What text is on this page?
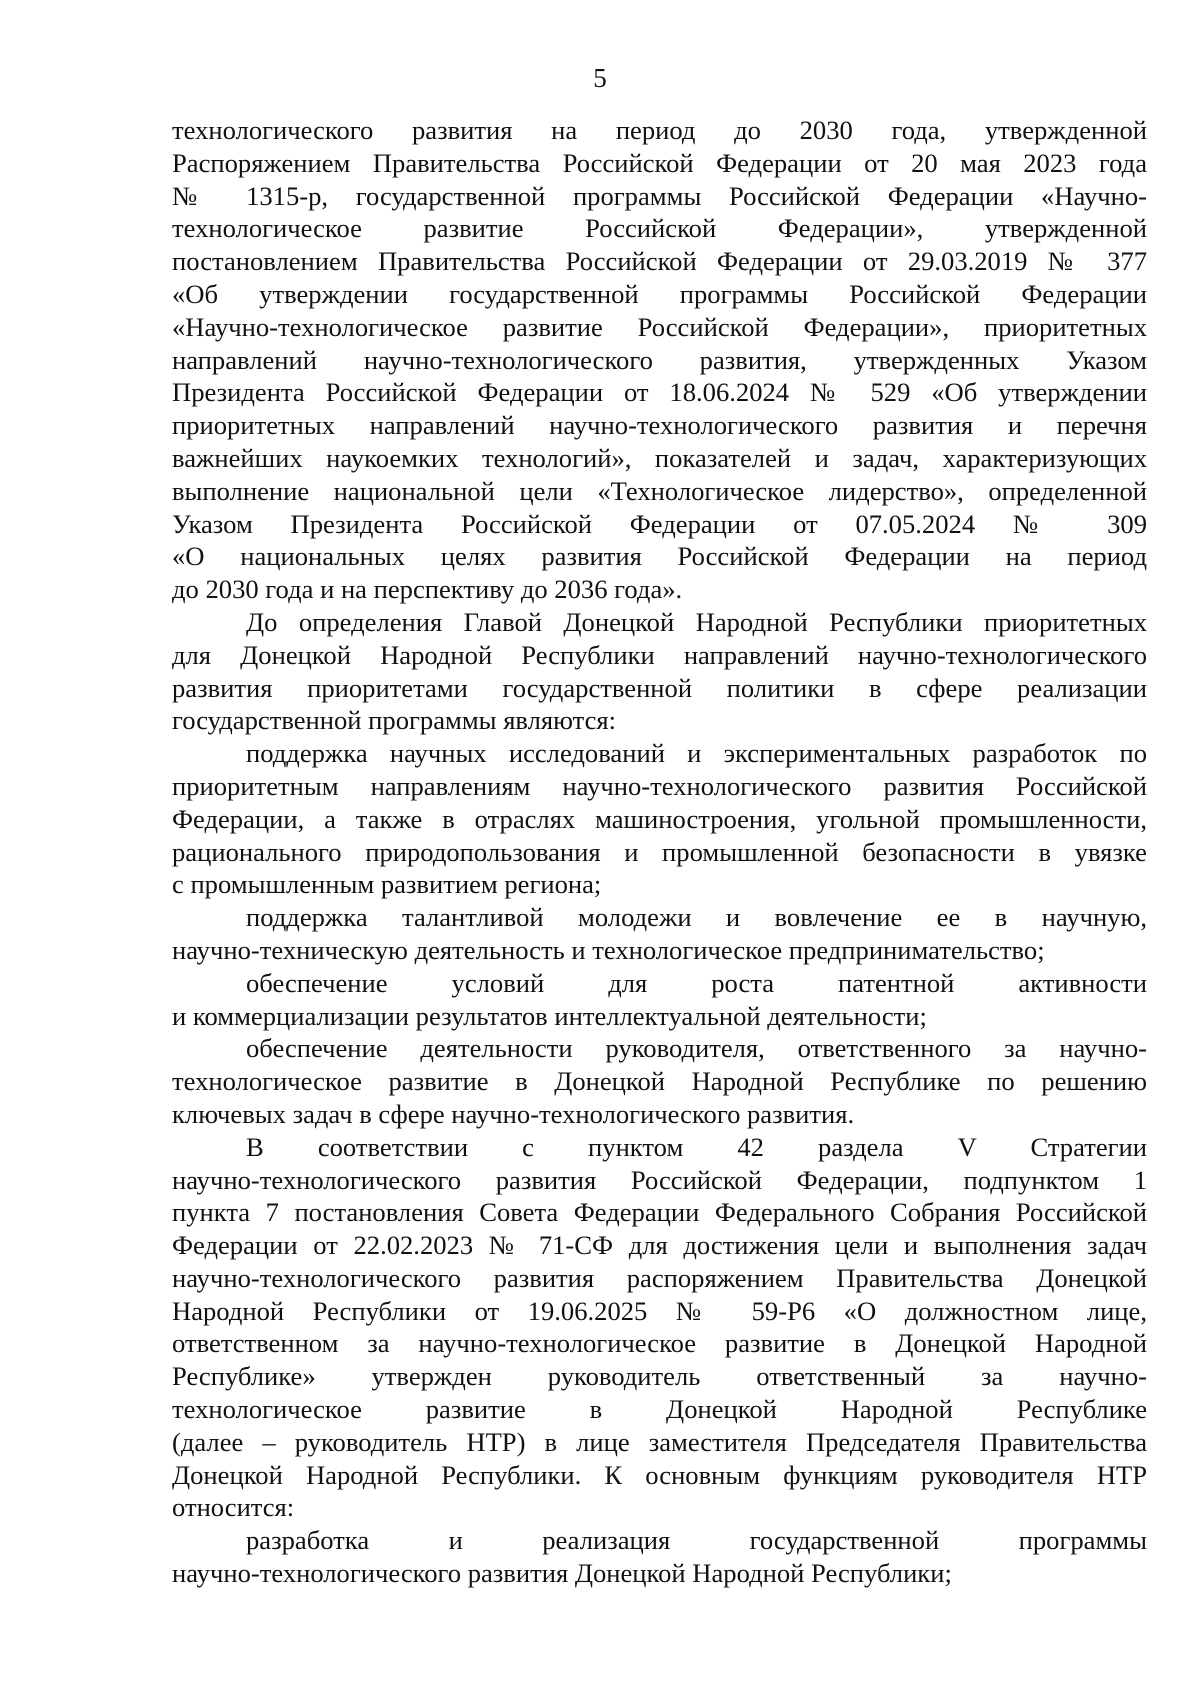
5
технологического развития на период до 2030 года, утвержденной
Распоряжением Правительства Российской Федерации от 20 мая 2023 года
№ 1315-р, государственной программы Российской Федерации «Научно-
технологическое развитие Российской Федерации», утвержденной
постановлением Правительства Российской Федерации от 29.03.2019 № 377
«Об утверждении государственной программы Российской Федерации
«Научно-технологическое развитие Российской Федерации», приоритетных
направлений научно-технологического развития, утвержденных Указом
Президента Российской Федерации от 18.06.2024 № 529 «Об утверждении
приоритетных направлений научно-технологического развития и перечня
важнейших наукоемких технологий», показателей и задач, характеризующих
выполнение национальной цели «Технологическое лидерство», определенной
Указом Президента Российской Федерации от 07.05.2024 № 309
«О национальных целях развития Российской Федерации на период
до 2030 года и на перспективу до 2036 года».
До определения Главой Донецкой Народной Республики приоритетных
для Донецкой Народной Республики направлений научно-технологического
развития приоритетами государственной политики в сфере реализации
государственной программы являются:
поддержка научных исследований и экспериментальных разработок по
приоритетным направлениям научно-технологического развития Российской
Федерации, а также в отраслях машиностроения, угольной промышленности,
рационального природопользования и промышленной безопасности в увязке
с промышленным развитием региона;
поддержка талантливой молодежи и вовлечение ее в научную,
научно-техническую деятельность и технологическое предпринимательство;
обеспечение условий для роста патентной активности
и коммерциализации результатов интеллектуальной деятельности;
обеспечение деятельности руководителя, ответственного за научно-
технологическое развитие в Донецкой Народной Республике по решению
ключевых задач в сфере научно-технологического развития.
В соответствии с пунктом 42 раздела V Стратегии
научно-технологического развития Российской Федерации, подпунктом 1
пункта 7 постановления Совета Федерации Федерального Собрания Российской
Федерации от 22.02.2023 № 71-СФ для достижения цели и выполнения задач
научно-технологического развития распоряжением Правительства Донецкой
Народной Республики от 19.06.2025 № 59-Р6 «О должностном лице,
ответственном за научно-технологическое развитие в Донецкой Народной
Республике» утвержден руководитель ответственный за научно-
технологическое развитие в Донецкой Народной Республике
(далее – руководитель НТР) в лице заместителя Председателя Правительства
Донецкой Народной Республики. К основным функциям руководителя НТР
относится:
разработка и реализация государственной программы
научно-технологического развития Донецкой Народной Республики;
